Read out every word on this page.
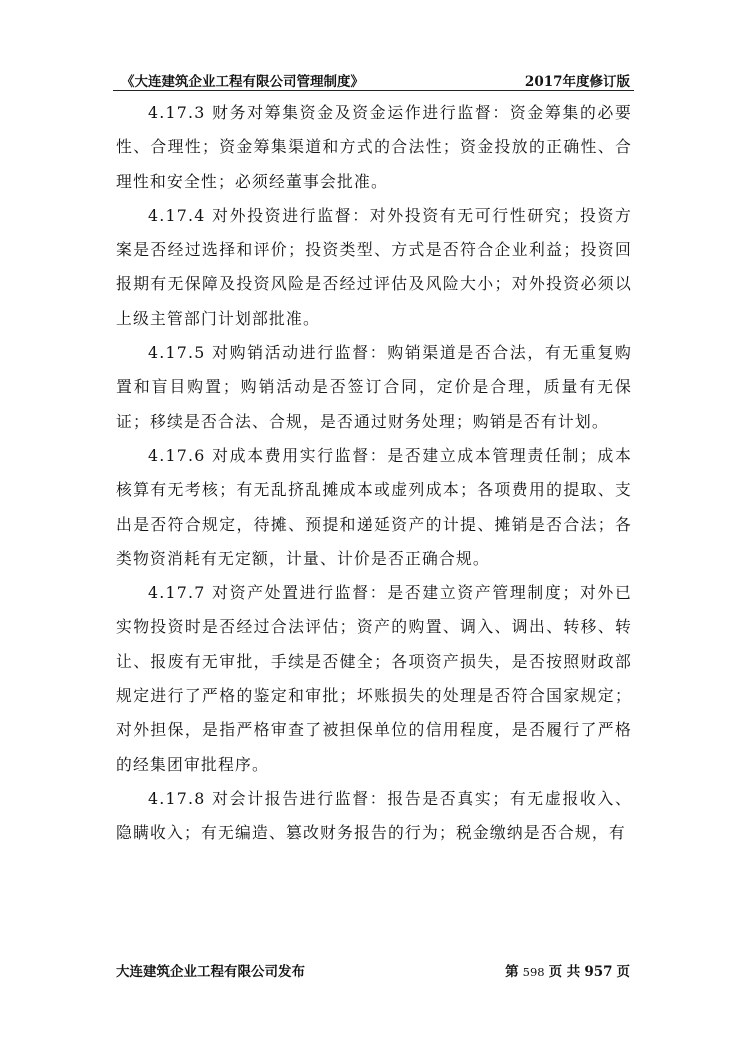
《大连建筑企业工程有限公司管理制度》	2017年度修订版

4.17.3 财务对筹集资金及资金运作进行监督：资金筹集的必要性、合理性；资金筹集渠道和方式的合法性；资金投放的正确性、合理性和安全性；必须经董事会批准。

4.17.4 对外投资进行监督：对外投资有无可行性研究；投资方案是否经过选择和评价；投资类型、方式是否符合企业利益；投资回报期有无保障及投资风险是否经过评估及风险大小；对外投资必须以上级主管部门计划部批准。

4.17.5 对购销活动进行监督：购销渠道是否合法，有无重复购置和盲目购置；购销活动是否签订合同，定价是合理，质量有无保证；移续是否合法、合规，是否通过财务处理；购销是否有计划。

4.17.6 对成本费用实行监督：是否建立成本管理责任制；成本核算有无考核；有无乱挤乱摊成本或虚列成本；各项费用的提取、支出是否符合规定，待摊、预提和递延资产的计提、摊销是否合法；各类物资消耗有无定额，计量、计价是否正确合规。

4.17.7 对资产处置进行监督：是否建立资产管理制度；对外已实物投资时是否经过合法评估；资产的购置、调入、调出、转移、转让、报废有无审批，手续是否健全；各项资产损失，是否按照财政部规定进行了严格的鉴定和审批；坏账损失的处理是否符合国家规定；对外担保，是指严格审查了被担保单位的信用程度，是否履行了严格的经集团审批程序。

4.17.8 对会计报告进行监督：报告是否真实；有无虚报收入、隐瞒收入；有无编造、篡改财务报告的行为；税金缴纳是否合规，有

大连建筑企业工程有限公司发布	第 598 页 共 957 页
